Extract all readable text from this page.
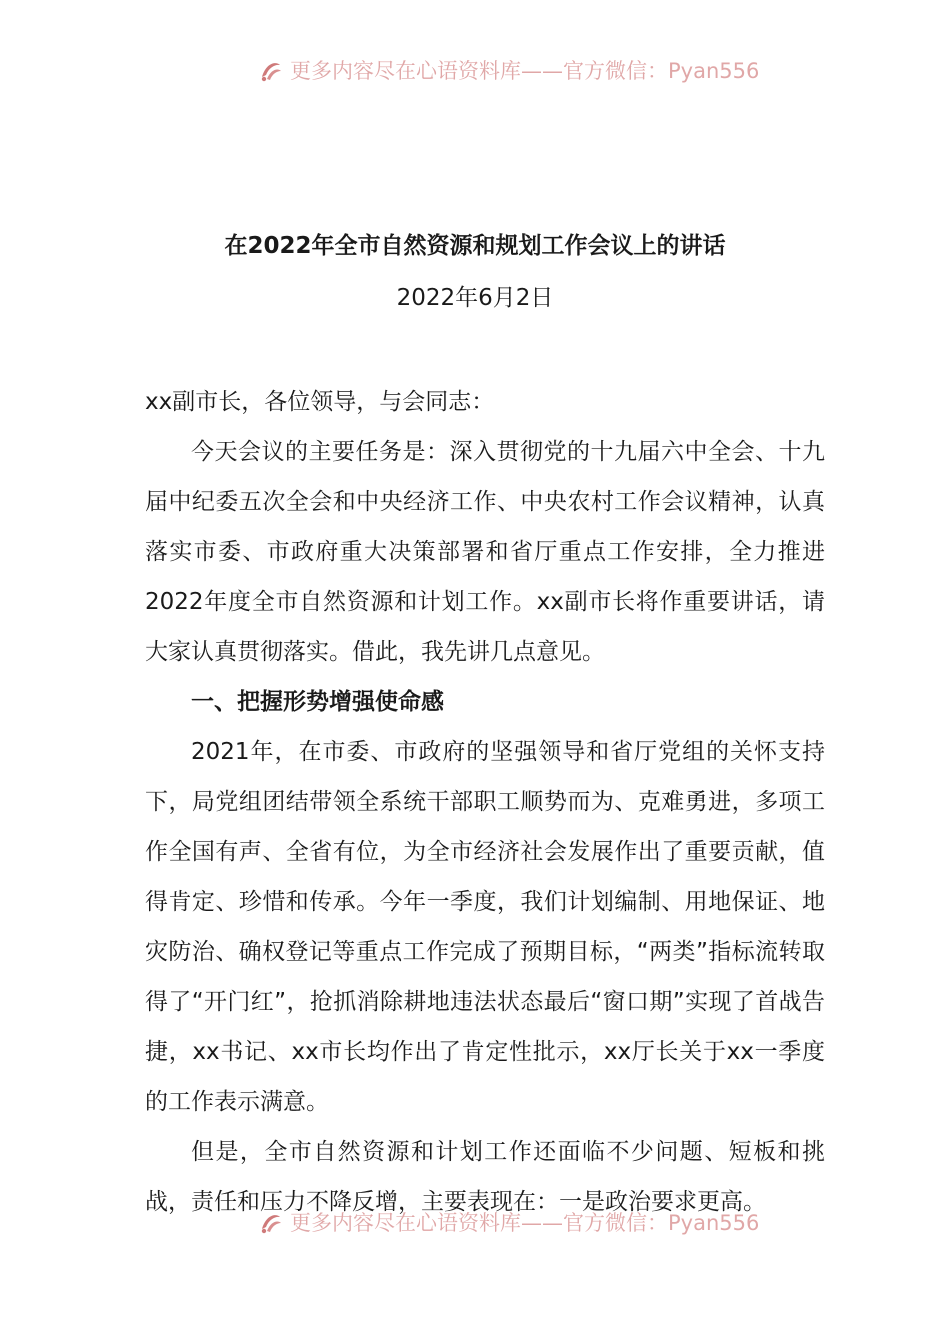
更多内容尽在心语资料库——官方微信：Pyan556
在2022年全市自然资源和规划工作会议上的讲话
2022年6月2日

xx副市长，各位领导，与会同志：

今天会议的主要任务是：深入贯彻党的十九届六中全会、十九届中纪委五次全会和中央经济工作、中央农村工作会议精神，认真落实市委、市政府重大决策部署和省厅重点工作安排，全力推进2022年度全市自然资源和计划工作。xx副市长将作重要讲话，请大家认真贯彻落实。借此，我先讲几点意见。

一、把握形势增强使命感

2021年，在市委、市政府的坚强领导和省厅党组的关怀支持下，局党组团结带领全系统干部职工顺势而为、克难勇进，多项工作全国有声、全省有位，为全市经济社会发展作出了重要贡献，值得肯定、珍惜和传承。今年一季度，我们计划编制、用地保证、地灾防治、确权登记等重点工作完成了预期目标，“两类”指标流转取得了“开门红”，抢抓消除耕地违法状态最后“窗口期”实现了首战告捷，xx书记、xx市长均作出了肯定性批示，xx厅长关于xx一季度的工作表示满意。

但是，全市自然资源和计划工作还面临不少问题、短板和挑战，责任和压力不降反增，主要表现在：一是政治要求更高。

更多内容尽在心语资料库——官方微信：Pyan556
